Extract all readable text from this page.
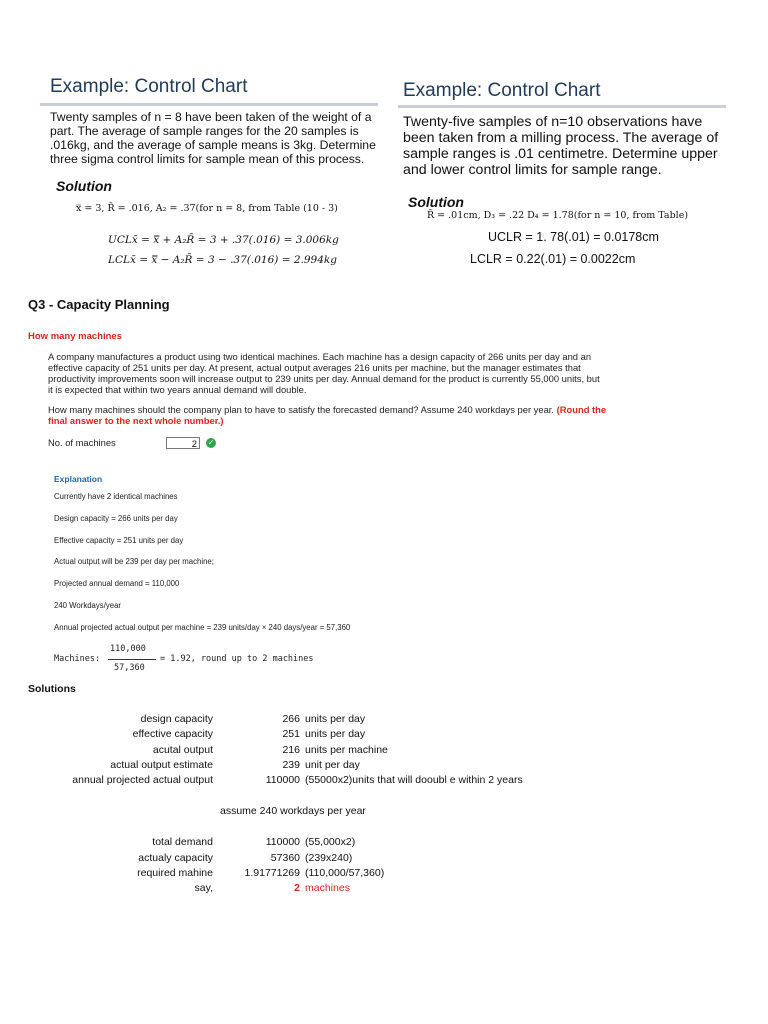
Example: Control Chart
Twenty samples of n = 8 have been taken of the weight of a part. The average of sample ranges for the 20 samples is .016kg, and the average of sample means is 3kg. Determine three sigma control limits for sample mean of this process.
Solution
x̿ = 3, R̄ = .016, A₂ = .37(for n = 8, from Table (10 - 3)
UCLx̄ = x̿ + A₂R̄ = 3 + .37(.016) = 3.006kg
LCLx̄ = x̿ − A₂R̄ = 3 − .37(.016) = 2.994kg
Example: Control Chart
Twenty-five samples of n=10 observations have been taken from a milling process. The average of sample ranges is .01 centimetre. Determine upper and lower control limits for sample range.
Solution
R̄ = .01cm, D₃ = .22 D₄ = 1.78(for n = 10, from Table)
UCLR = 1. 78(.01) = 0.0178cm
LCLR = 0.22(.01) = 0.0022cm
Q3 - Capacity Planning
How many machines
A company manufactures a product using two identical machines. Each machine has a design capacity of 266 units per day and an
effective capacity of 251 units per day. At present, actual output averages 216 units per machine, but the manager estimates that
productivity improvements soon will increase output to 239 units per day. Annual demand for the product is currently 55,000 units, but
it is expected that within two years annual demand will double.
How many machines should the company plan to have to satisfy the forecasted demand? Assume 240 workdays per year. (Round the
final answer to the next whole number.)
No. of machines	2	✓
Explanation
Currently have 2 identical machines
Design capacity = 266 units per day
Effective capacity = 251 units per day
Actual output will be 239 per day per machine;
Projected annual demand = 110,000
240 Workdays/year
Annual projected actual output per machine = 239 units/day × 240 days/year = 57,360
110,000
Machines:	= 1.92, round up to 2 machines
57,360
Solutions
design capacity	266 units per day
effective capacity	251 units per day
acutal output	216 units per machine
actual output estimate	239 unit per day
annual projected actual output	110000 (55000x2)units that will dooubl e within 2 years
assume 240 workdays per year
total demand	110000 (55,000x2)
actualy capacity	57360 (239x240)
required mahine	1.91771269 (110,000/57,360)
say,	2 machines
